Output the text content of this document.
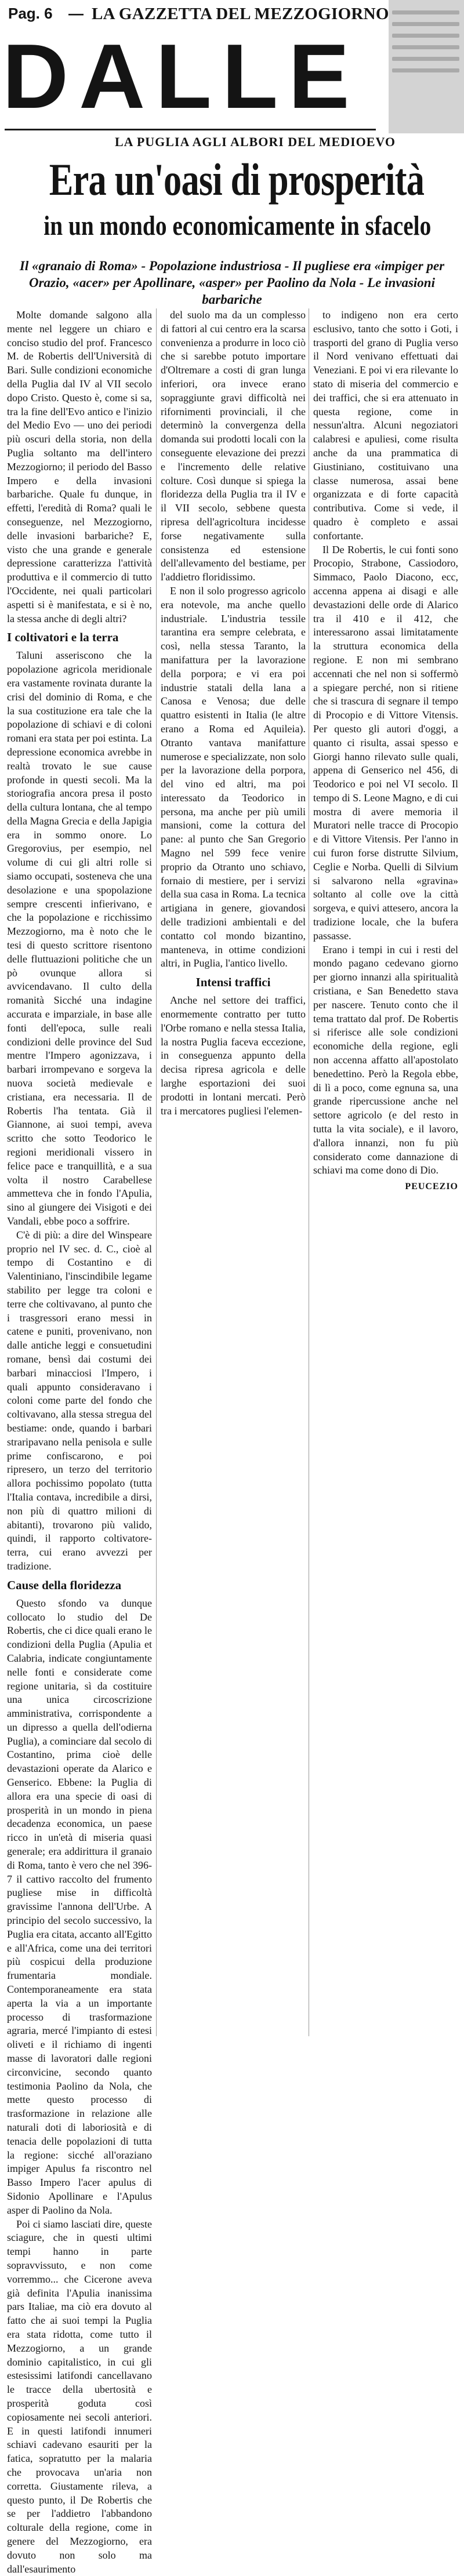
Pag. 6 — LA GAZZETTA DEL MEZZOGIORNO
DALLE
LA PUGLIA AGLI ALBORI DEL MEDIOEVO
Era un'oasi di prosperità
in un mondo economicamente in sfacelo
Il «granaio di Roma» - Popolazione industriosa - Il pugliese era «impiger per Orazio, «acer» per Apollinare, «asper» per Paolino da Nola - Le invasioni barbariche

Molte domande salgono alla mente nel leggere un chiaro e conciso studio del prof. Francesco M. de Robertis dell'Università di Bari. Sulle condizioni economiche della Puglia dal IV al VII secolo dopo Cristo. Questo è, come si sa, tra la fine dell'Evo antico e l'inizio del Medio Evo — uno dei periodi più oscuri della storia, non della Puglia soltanto ma dell'intero Mezzogiorno; il periodo del Basso Impero e della invasioni barbariche. Quale fu dunque, in effetti, l'eredità di Roma? quali le conseguenze, nel Mezzogiorno, delle invasioni barbariche? E, visto che una grande e generale depressione caratterizza l'attività produttiva e il commercio di tutto l'Occidente, nei quali particolari aspetti si è manifestata, e si è no, la stessa anche di degli altri?

I coltivatori e la terra

Taluni asseriscono che la popolazione agricola meridionale era vastamente rovinata durante la crisi del dominio di Roma, e che la sua costituzione era tale che la popolazione di schiavi e di coloni romani era stata per poi estinta. La depressione economica avrebbe in realtà trovato le sue cause profonde in questi secoli. Ma la storiografia ancora presa il posto della cultura lontana, che al tempo della Magna Grecia e della Japigia era in sommo onore. Lo Gregorovius, per esempio, nel volume di cui gli altri rolle si siamo occupati, sosteneva che una desolazione e una spopolazione sempre crescenti infierivano, e che la popolazione e ricchissimo Mezzogiorno, ma è noto che le tesi di questo scrittore risentono delle fluttuazioni politiche che un pò ovunque allora si avvicendavano. Il culto della romanità Sicché una indagine accurata e imparziale, in base alle fonti dell'epoca, sulle reali condizioni delle province del Sud mentre l'Impero agonizzava, i barbari irrompevano e sorgeva la nuova società medievale e cristiana, era necessaria. Il de Robertis l'ha tentata. Già il Giannone, ai suoi tempi, aveva scritto che sotto Teodorico le regioni meridionali vissero in felice pace e tranquillità, e a sua volta il nostro Carabellese ammetteva che in fondo l'Apulia, sino al giungere dei Visigoti e dei Vandali, ebbe poco a soffrire.

C'è di più: a dire del Winspeare proprio nel IV sec. d. C., cioè al tempo di Costantino e di Valentiniano, l'inscindibile legame stabilito per legge tra coloni e terre che coltivavano, al punto che i trasgressori erano messi in catene e puniti, provenivano, non dalle antiche leggi e consuetudini romane, bensì dai costumi dei barbari minacciosi l'Impero, i quali appunto consideravano i coloni come parte del fondo che coltivavano, alla stessa stregua del bestiame: onde, quando i barbari straripavano nella penisola e sulle prime confiscarono, e poi ripresero, un terzo del territorio allora pochissimo popolato (tutta l'Italia contava, incredibile a dirsi, non più di quattro milioni di abitanti), trovarono più valido, quindi, il rapporto coltivatore-terra, cui erano avvezzi per tradizione.

Cause della floridezza

Questo sfondo va dunque collocato lo studio del De Robertis, che ci dice quali erano le condizioni della Puglia (Apulia et Calabria, indicate congiuntamente nelle fonti e considerate come regione unitaria, sì da costituire una unica circoscrizione amministrativa, corrispondente a un dipresso a quella dell'odierna Puglia), a cominciare dal secolo di Costantino, prima cioè delle devastazioni operate da Alarico e Genserico. Ebbene: la Puglia di allora era una specie di oasi di prosperità in un mondo in piena decadenza economica, un paese ricco in un'età di miseria quasi generale; era addirittura il granaio di Roma, tanto è vero che nel 396-7 il cattivo raccolto del frumento pugliese mise in difficoltà gravissime l'annona dell'Urbe. A principio del secolo successivo, la Puglia era citata, accanto all'Egitto e all'Africa, come una dei territori più cospicui della produzione frumentaria mondiale. Contemporaneamente era stata aperta la via a un importante processo di trasformazione agraria, mercé l'impianto di estesi oliveti e il richiamo di ingenti masse di lavoratori dalle regioni circonvicine, secondo quanto testimonia Paolino da Nola, che mette questo processo di trasformazione in relazione alle naturali doti di laboriosità e di tenacia delle popolazioni di tutta la regione: sicché all'oraziano impiger Apulus fa riscontro nel Basso Impero l'acer apulus di Sidonio Apollinare e l'Apulus asper di Paolino da Nola.

Poi ci siamo lasciati dire, queste sciagure, che in questi ultimi tempi hanno in parte sopravvissuto, e non come vorremmo... che Cicerone aveva già definita l'Apulia inanissima pars Italiae, ma ciò era dovuto al fatto che ai suoi tempi la Puglia era stata ridotta, come tutto il Mezzogiorno, a un grande dominio capitalistico, in cui gli estesissimi latifondi cancellavano le tracce della ubertosità e prosperità goduta così copiosamente nei secoli anteriori. E in questi latifondi innumeri schiavi cadevano esauriti per la fatica, sopratutto per la malaria che provocava un'aria non corretta. Giustamente rileva, a questo punto, il De Robertis che se per l'addietro l'abbandono colturale della regione, come in genere del Mezzogiorno, era dovuto non solo ma dall'esaurimento

del suolo ma da un complesso di fattori al cui centro era la scarsa convenienza a produrre in loco ciò che si sarebbe potuto importare d'Oltremare a costi di gran lunga inferiori, ora invece erano sopraggiunte gravi difficoltà nei rifornimenti provinciali, il che determinò la convergenza della domanda sui prodotti locali con la conseguente elevazione dei prezzi e l'incremento delle relative colture. Così dunque si spiega la floridezza della Puglia tra il IV e il VII secolo, sebbene questa ripresa dell'agricoltura incidesse forse negativamente sulla consistenza ed estensione dell'allevamento del bestiame, per l'addietro floridissimo.

E non il solo progresso agricolo era notevole, ma anche quello industriale. L'industria tessile tarantina era sempre celebrata, e così, nella stessa Taranto, la manifattura per la lavorazione della porpora; e vi era poi industrie statali della lana a Canosa e Venosa; due delle quattro esistenti in Italia (le altre erano a Roma ed Aquileia). Otranto vantava manifatture numerose e specializzate, non solo per la lavorazione della porpora, del vino ed altri, ma poi interessato da Teodorico in persona, ma anche per più umili mansioni, come la cottura del pane: al punto che San Gregorio Magno nel 599 fece venire proprio da Otranto uno schiavo, fornaio di mestiere, per i servizi della sua casa in Roma. La tecnica artigiana in genere, giovandosi delle tradizioni ambientali e del contatto col mondo bizantino, manteneva, in ottime condizioni altri, in Puglia, l'antico livello.

Intensi traffici

Anche nel settore dei traffici, enormemente contratto per tutto l'Orbe romano e nella stessa Italia, la nostra Puglia faceva eccezione, in conseguenza appunto della decisa ripresa agricola e delle larghe esportazioni dei suoi prodotti in lontani mercati. Però tra i mercatores pugliesi l'elemen-

to indigeno non era certo esclusivo, tanto che sotto i Goti, i trasporti del grano di Puglia verso il Nord venivano effettuati dai Veneziani. E poi vi era rilevante lo stato di miseria del commercio e dei traffici, che si era attenuato in questa regione, come in nessun'altra. Alcuni negoziatori calabresi e apuliesi, come risulta anche da una prammatica di Giustiniano, costituivano una classe numerosa, assai bene organizzata e di forte capacità contributiva. Come si vede, il quadro è completo e assai confortante.

Il De Robertis, le cui fonti sono Procopio, Strabone, Cassiodoro, Simmaco, Paolo Diacono, ecc, accenna appena ai disagi e alle devastazioni delle orde di Alarico tra il 410 e il 412, che interessarono assai limitatamente la struttura economica della regione. E non mi sembrano accennati che nel non si soffermò a spiegare perché, non si ritiene che si trascura di segnare il tempo di Procopio e di Vittore Vitensis. Per questo gli autori d'oggi, a quanto ci risulta, assai spesso e Giorgi hanno rilevato sulle quali, appena di Genserico nel 456, di Teodorico e poi nel VI secolo. Il tempo di S. Leone Magno, e di cui mostra di avere memoria il Muratori nelle tracce di Procopio e di Vittore Vitensis. Per l'anno in cui furon forse distrutte Silvium, Ceglie e Norba. Quelli di Silvium si salvarono nella «gravina» soltanto al colle ove la città sorgeva, e quivi attesero, ancora la tradizione locale, che la bufera passasse.

Erano i tempi in cui i resti del mondo pagano cedevano giorno per giorno innanzi alla spiritualità cristiana, e San Benedetto stava per nascere. Tenuto conto che il tema trattato dal prof. De Robertis si riferisce alle sole condizioni economiche della regione, egli non accenna affatto all'apostolato benedettino. Però la Regola ebbe, di lì a poco, come egnuna sa, una grande ripercussione anche nel settore agricolo (e del resto in tutta la vita sociale), e il lavoro, d'allora innanzi, non fu più considerato come dannazione di schiavi ma come dono di Dio.

PEUCEZIO
